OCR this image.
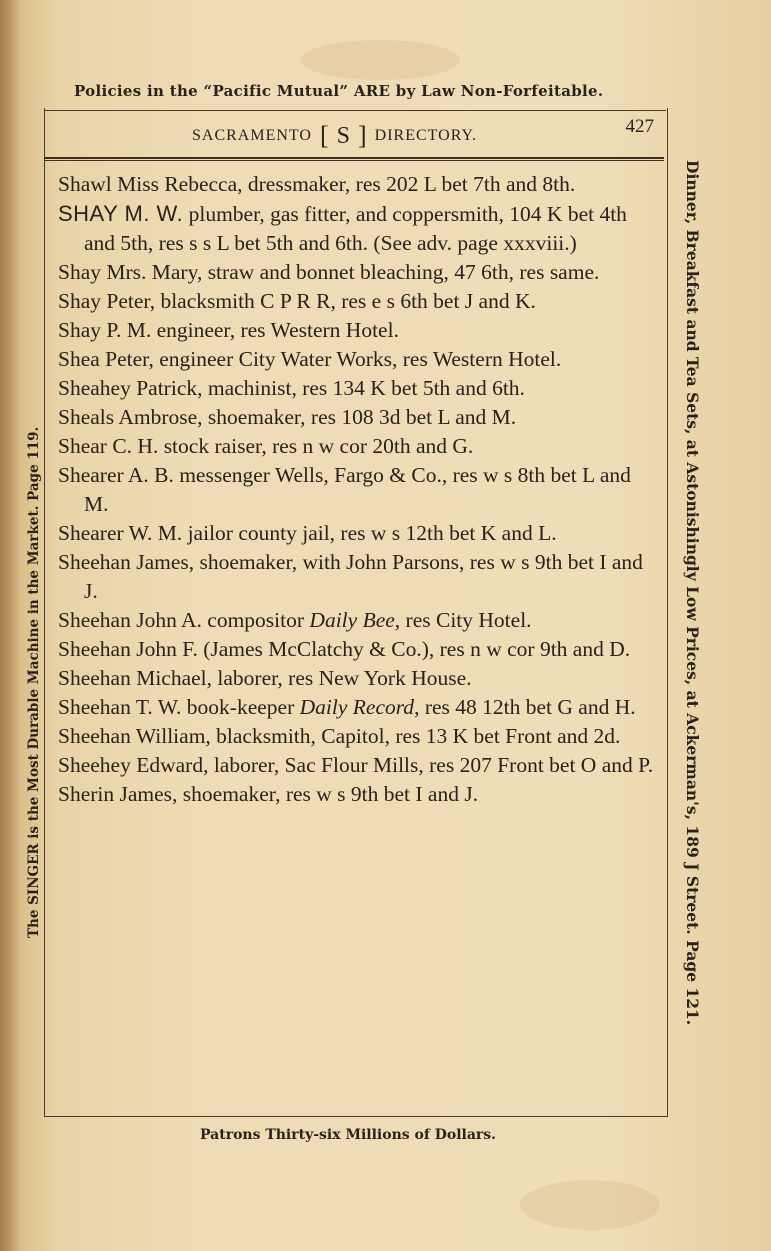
Policies in the “Pacific Mutual” ARE by Law Non-Forfeitable.
SACRAMENTO [ S ] DIRECTORY.	427
The SINGER is the Most Durable Machine in the Market. Page 119.	Dinner, Breakfast and Tea Sets, at Astonishingly Low Prices, at Ackerman's, 189 J Street. Page 121.
Shawl Miss Rebecca, dressmaker, res 202 L bet 7th and 8th.
SHAY M. W. plumber, gas fitter, and coppersmith, 104 K bet 4th and 5th, res s s L bet 5th and 6th. (See adv. page xxxviii.)
Shay Mrs. Mary, straw and bonnet bleaching, 47 6th, res same.
Shay Peter, blacksmith C P R R, res e s 6th bet J and K.
Shay P. M. engineer, res Western Hotel.
Shea Peter, engineer City Water Works, res Western Hotel.
Sheahey Patrick, machinist, res 134 K bet 5th and 6th.
Sheals Ambrose, shoemaker, res 108 3d bet L and M.
Shear C. H. stock raiser, res n w cor 20th and G.
Shearer A. B. messenger Wells, Fargo & Co., res w s 8th bet L and M.
Shearer W. M. jailor county jail, res w s 12th bet K and L.
Sheehan James, shoemaker, with John Parsons, res w s 9th bet I and J.
Sheehan John A. compositor Daily Bee, res City Hotel.
Sheehan John F. (James McClatchy & Co.), res n w cor 9th and D.
Sheehan Michael, laborer, res New York House.
Sheehan T. W. book-keeper Daily Record, res 48 12th bet G and H.
Sheehan William, blacksmith, Capitol, res 13 K bet Front and 2d.
Sheehey Edward, laborer, Sac Flour Mills, res 207 Front bet O and P.
Sherin James, shoemaker, res w s 9th bet I and J.
Patrons Thirty-six Millions of Dollars.
